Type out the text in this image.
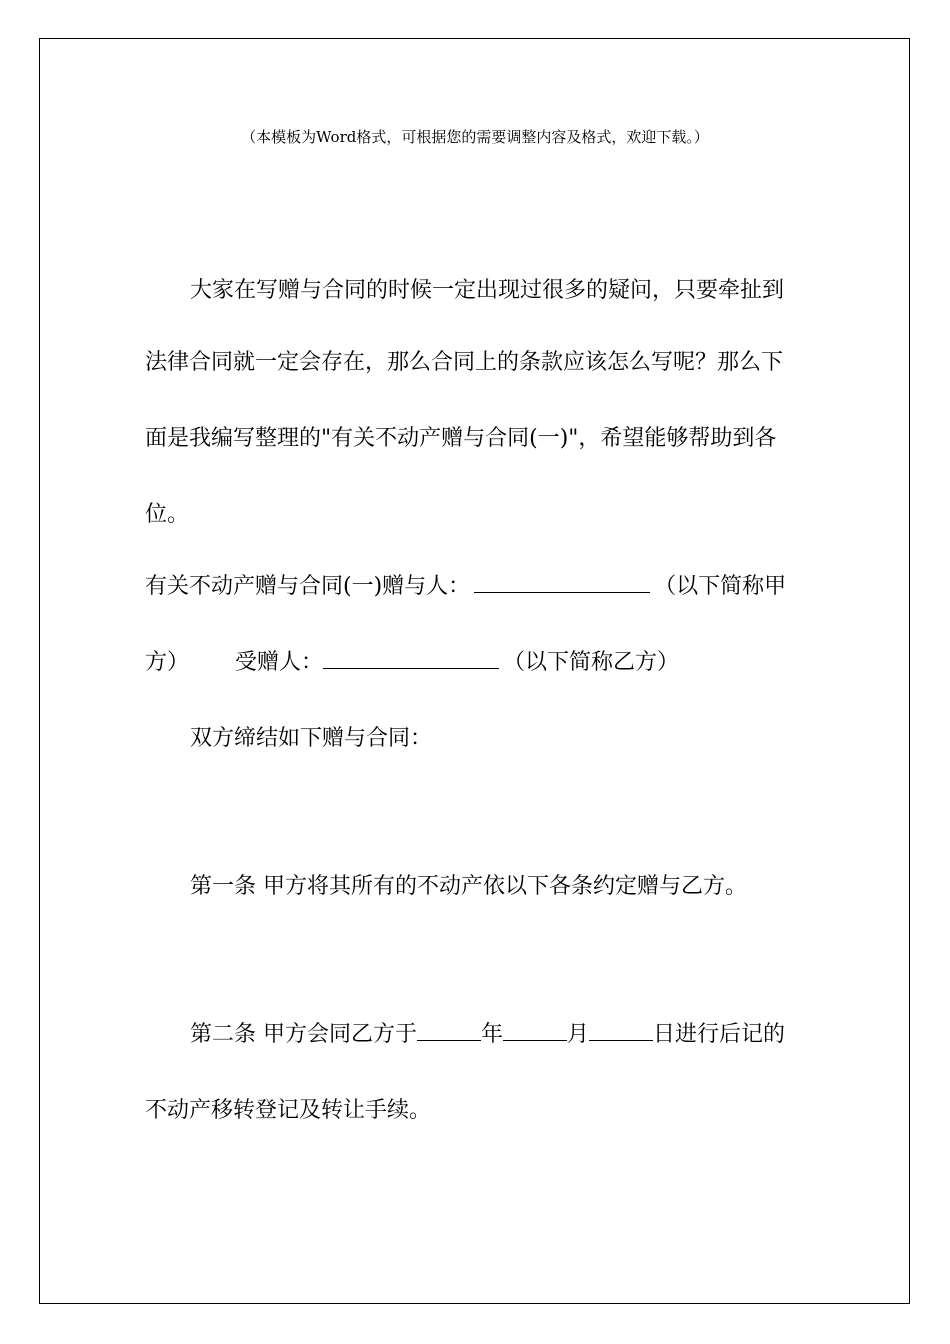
（本模板为Word格式，可根据您的需要调整内容及格式，欢迎下载。）
大家在写赠与合同的时候一定出现过很多的疑问，只要牵扯到
法律合同就一定会存在，那么合同上的条款应该怎么写呢？那么下
面是我编写整理的"有关不动产赠与合同(一)"，希望能够帮助到各
位。
有关不动产赠与合同(一)赠与人：	（以下简称甲
方） 受赠人：	（以下简称乙方）
双方缔结如下赠与合同：
第一条 甲方将其所有的不动产依以下各条约定赠与乙方。
第二条 甲方会同乙方于	年	月	日进行后记的
不动产移转登记及转让手续。
